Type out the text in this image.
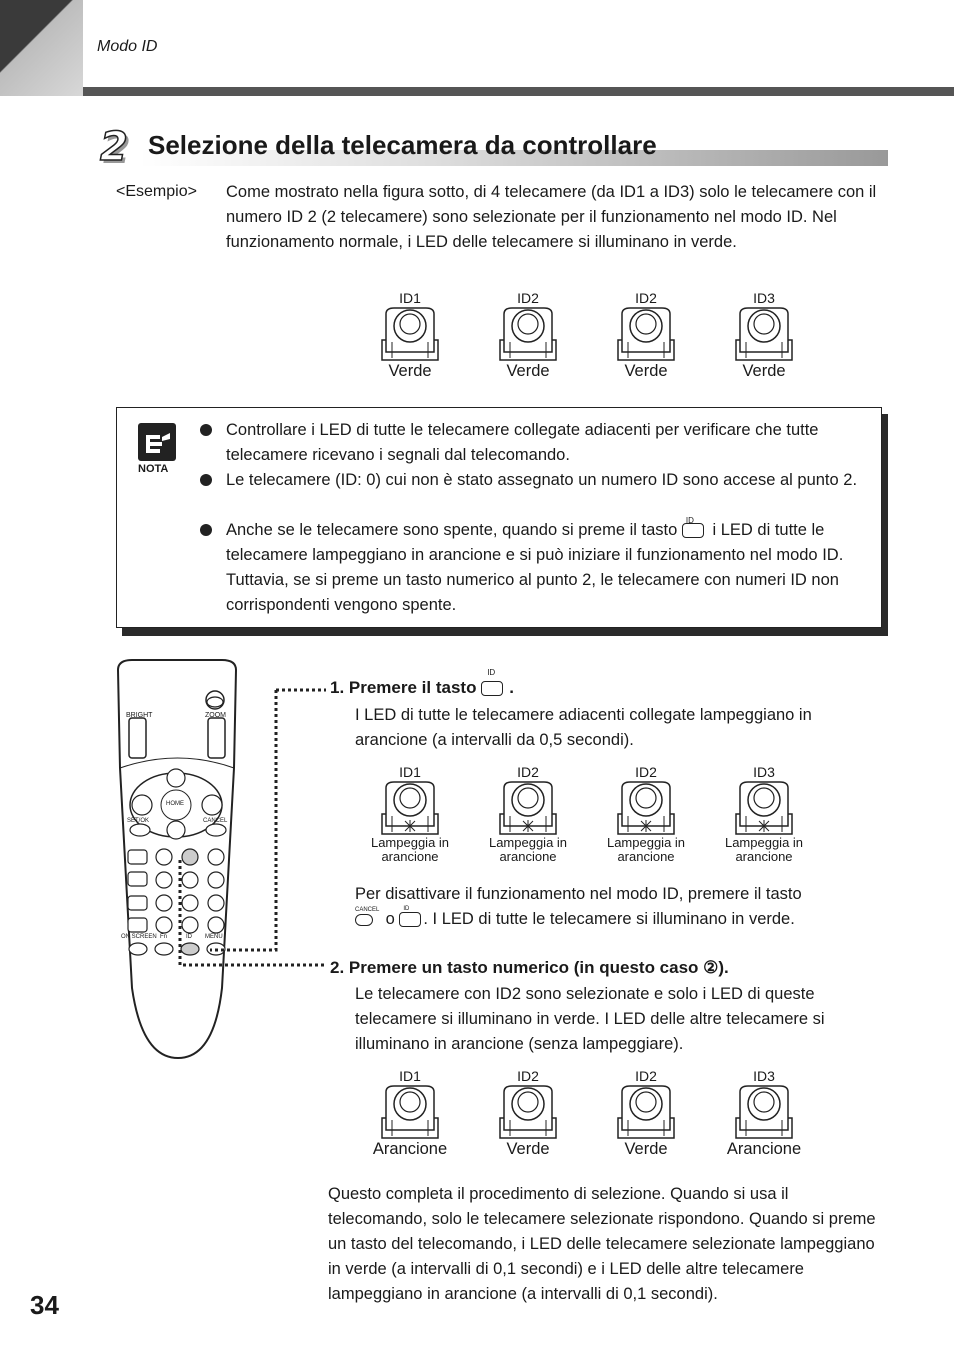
Modo ID
2 Selezione della telecamera da controllare
<Esempio> Come mostrato nella figura sotto, di 4 telecamere (da ID1 a ID3) solo le telecamere con il numero ID 2 (2 telecamere) sono selezionate per il funzionamento nel modo ID. Nel funzionamento normale, i LED delle telecamere si illuminano in verde.
ID1
Verde
ID2
Verde
ID2
Verde
ID3
Verde
NOTA
Controllare i LED di tutte le telecamere collegate adiacenti per verificare che tutte telecamere ricevano i segnali dal telecomando.
Le telecamere (ID: 0) cui non è stato assegnato un numero ID sono accese al punto 2.
Anche se le telecamere sono spente, quando si preme il tasto
ID
i LED di tutte le telecamere lampeggiano in arancione e si può iniziare il funzionamento nel modo ID. Tuttavia, se si preme un tasto numerico al punto 2, le telecamere con numeri ID non corrispondenti vengono spente.
BRIGHT	ZOOM
HOME
SET/OK	CANCEL
ON SCREEN Fn	ID MENU
1. Premere il tasto
ID
.
I LED di tutte le telecamere adiacenti collegate lampeggiano in arancione (a intervalli da 0,5 secondi).
ID1
Lampeggia in arancione
ID2
Lampeggia in arancione
ID2
Lampeggia in arancione
ID3
Lampeggia in arancione
Per disattivare il funzionamento nel modo ID, premere il tasto

CANCEL o
ID
. I LED di tutte le telecamere si illuminano in verde.
2. Premere un tasto numerico (in questo caso ②).
Le telecamere con ID2 sono selezionate e solo i LED di queste telecamere si illuminano in verde. I LED delle altre telecamere si illuminano in arancione (senza lampeggiare).
ID1
Arancione
ID2
Verde
ID2
Verde
ID3
Arancione
Questo completa il procedimento di selezione. Quando si usa il telecomando, solo le telecamere selezionate rispondono. Quando si preme un tasto del telecomando, i LED delle telecamere selezionate lampeggiano in verde (a intervalli di 0,1 secondi) e i LED delle altre telecamere lampeggiano in arancione (a intervalli di 0,1 secondi).
34
